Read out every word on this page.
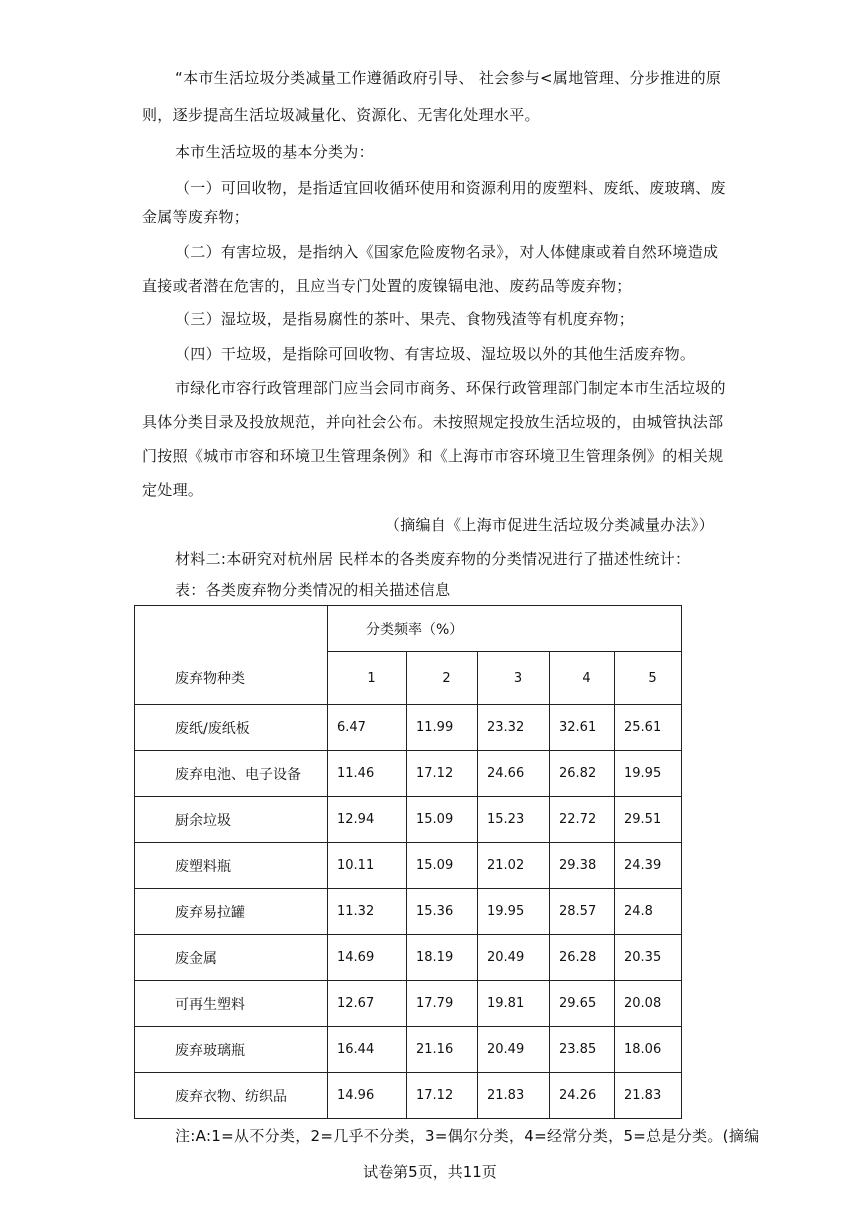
“本市生活垃圾分类减量工作遵循政府引导、 社会参与<属地管理、分步推进的原
则，逐步提高生活垃圾减量化、资源化、无害化处理水平。
本市生活垃圾的基本分类为：
（一）可回收物，是指适宜回收循环使用和资源利用的废塑料、废纸、废玻璃、废
金属等废弃物；
（二）有害垃圾，是指纳入《国家危险废物名录》，对人体健康或着自然环境造成
直接或者潜在危害的，且应当专门处置的废镍镉电池、废药品等废弃物；
（三）湿垃圾，是指易腐性的茶叶、果壳、食物残渣等有机度弃物；
（四）干垃圾，是指除可回收物、有害垃圾、湿垃圾以外的其他生活废弃物。
市绿化市容行政管理部门应当会同市商务、环保行政管理部门制定本市生活垃圾的
具体分类目录及投放规范，并向社会公布。未按照规定投放生活垃圾的，由城管执法部
门按照《城市市容和环境卫生管理条例》和《上海市市容环境卫生管理条例》的相关规
定处理。
（摘编自《上海市促进生活垃圾分类减量办法》）
材料二:本研究对杭州居 民样本的各类废弃物的分类情况进行了描述性统计：
表：各类废弃物分类情况的相关描述信息
废弃物种类	分类频率（%）				
	1	2	3	4	5
废纸/废纸板	6.47	11.99	23.32	32.61	25.61
废弃电池、电子设备	11.46	17.12	24.66	26.82	19.95
厨余垃圾	12.94	15.09	15.23	22.72	29.51
废塑料瓶	10.11	15.09	21.02	29.38	24.39
废弃易拉罐	11.32	15.36	19.95	28.57	24.8
废金属	14.69	18.19	20.49	26.28	20.35
可再生塑料	12.67	17.79	19.81	29.65	20.08
废弃玻璃瓶	16.44	21.16	20.49	23.85	18.06
废弃衣物、纺织品	14.96	17.12	21.83	24.26	21.83
注:A:1=从不分类，2=几乎不分类，3=偶尔分类，4=经常分类，5=总是分类。(摘编
试卷第5页，共11页
